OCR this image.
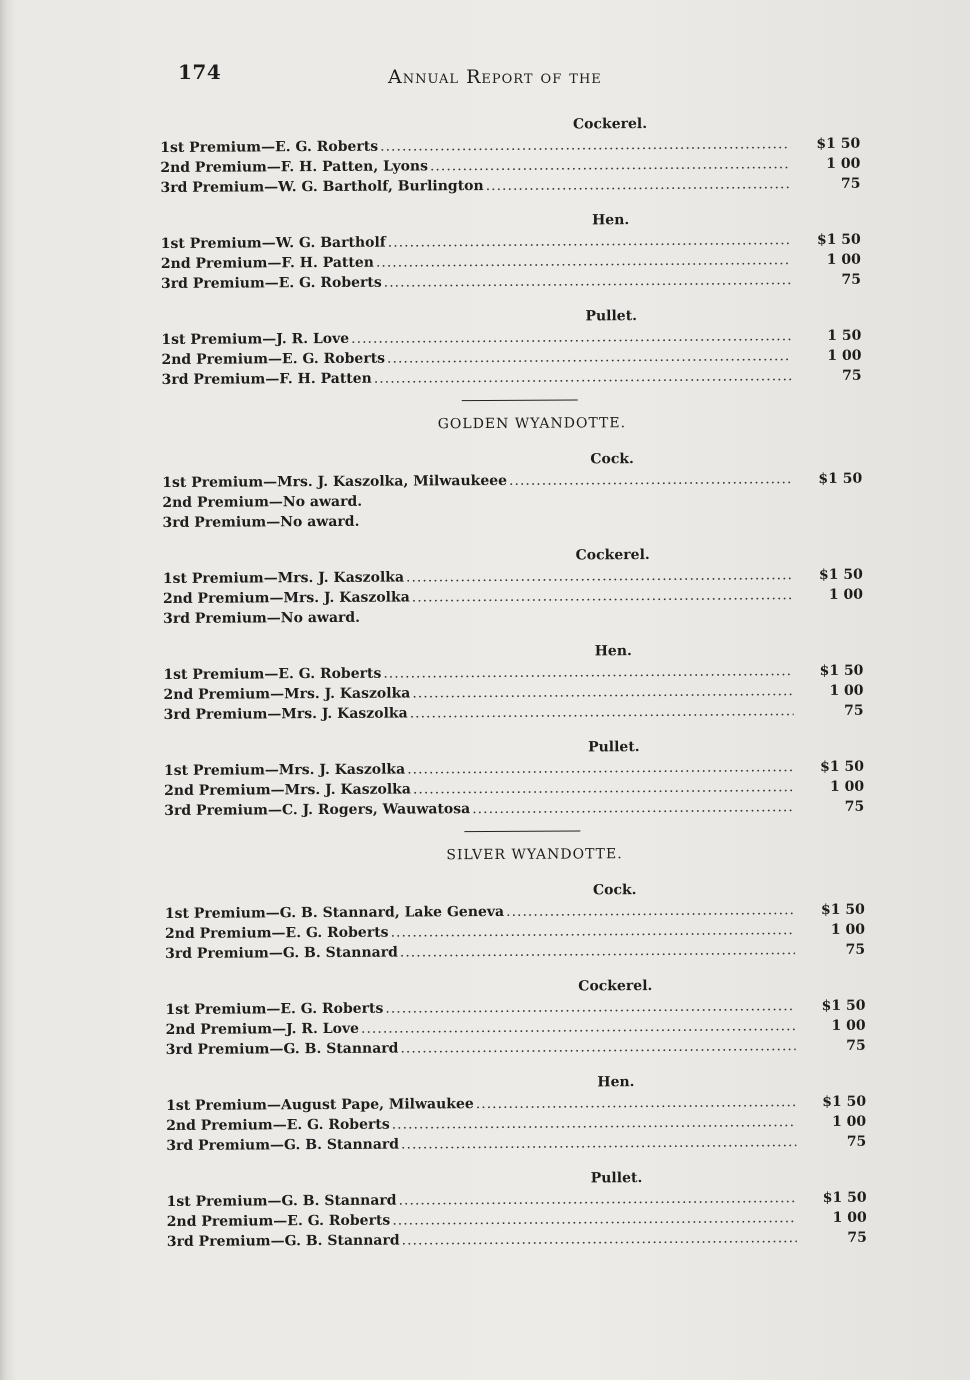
174	Annual Report of the
Cockerel.
1st Premium—E. G. Roberts .....	$1 50
2nd Premium—F. H. Patten, Lyons .....	1 00
3rd Premium—W. G. Bartholf, Burlington .....	75
Hen.
1st Premium—W. G. Bartholf .....	$1 50
2nd Premium—F. H. Patten .....	1 00
3rd Premium—E. G. Roberts .....	75
Pullet.
1st Premium—J. R. Love .....	1 50
2nd Premium—E. G. Roberts .....	1 00
3rd Premium—F. H. Patten .....	75
GOLDEN WYANDOTTE.
Cock.
1st Premium—Mrs. J. Kaszolka, Milwaukeee .....	$1 50
2nd Premium—No award.
3rd Premium—No award.
Cockerel.
1st Premium—Mrs. J. Kaszolka .....	$1 50
2nd Premium—Mrs. J. Kaszolka .....	1 00
3rd Premium—No award.
Hen.
1st Premium—E. G. Roberts .....	$1 50
2nd Premium—Mrs. J. Kaszolka .....	1 00
3rd Premium—Mrs. J. Kaszolka .....	75
Pullet.
1st Premium—Mrs. J. Kaszolka .....	$1 50
2nd Premium—Mrs. J. Kaszolka .....	1 00
3rd Premium—C. J. Rogers, Wauwatosa .....	75
SILVER WYANDOTTE.
Cock.
1st Premium—G. B. Stannard, Lake Geneva .....	$1 50
2nd Premium—E. G. Roberts .....	1 00
3rd Premium—G. B. Stannard .....	75
Cockerel.
1st Premium—E. G. Roberts .....	$1 50
2nd Premium—J. R. Love .....	1 00
3rd Premium—G. B. Stannard .....	75
Hen.
1st Premium—August Pape, Milwaukee .....	$1 50
2nd Premium—E. G. Roberts .....	1 00
3rd Premium—G. B. Stannard .....	75
Pullet.
1st Premium—G. B. Stannard .....	$1 50
2nd Premium—E. G. Roberts .....	1 00
3rd Premium—G. B. Stannard .....	75
